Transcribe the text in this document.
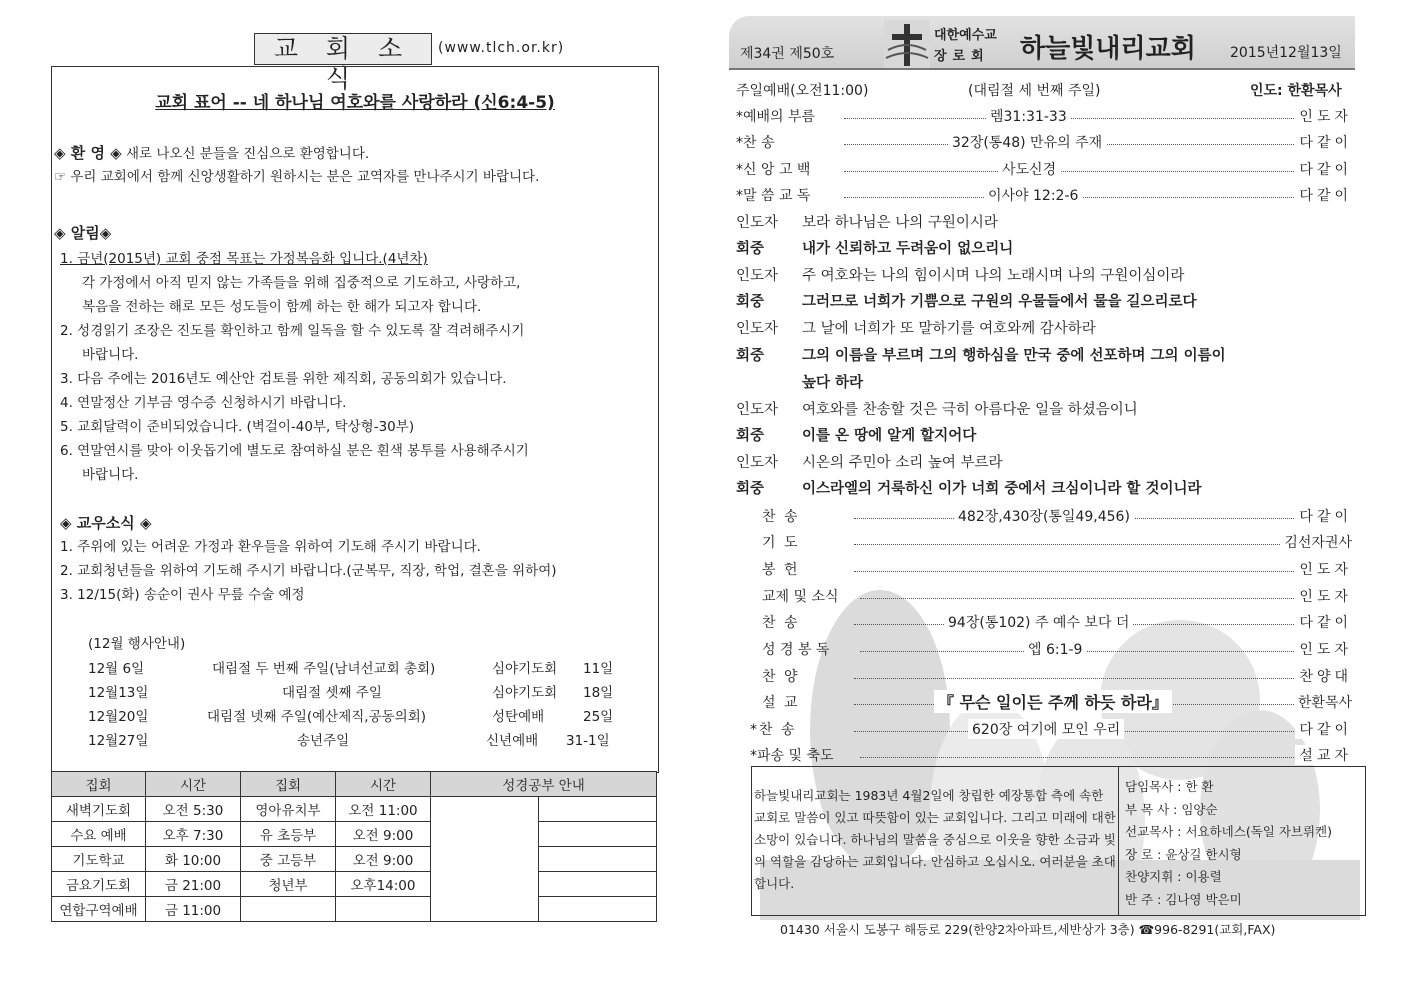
교 회 소 식
(www.tlch.or.kr)
교회 표어 -- 네 하나님 여호와를 사랑하라 (신6:4-5)
◈ 환 영 ◈ 새로 나오신 분들을 진심으로 환영합니다.
☞ 우리 교회에서 함께 신앙생활하기 원하시는 분은 교역자를 만나주시기 바랍니다.
◈ 알림◈
1. 금년(2015년) 교회 중점 목표는 가정복음화 입니다.(4년차)
각 가정에서 아직 믿지 않는 가족들을 위해 집중적으로 기도하고, 사랑하고,
복음을 전하는 해로 모든 성도들이 함께 하는 한 해가 되고자 합니다.
2. 성경읽기 조장은 진도를 확인하고 함께 일독을 할 수 있도록 잘 격려해주시기
바랍니다.
3. 다음 주에는 2016년도 예산안 검토를 위한 제직회, 공동의회가 있습니다.
4. 연말정산 기부금 영수증 신청하시기 바랍니다.
5. 교회달력이 준비되었습니다. (벽걸이-40부, 탁상형-30부)
6. 연말연시를 맞아 이웃돕기에 별도로 참여하실 분은 흰색 봉투를 사용해주시기
바랍니다.
◈ 교우소식 ◈
1. 주위에 있는 어려운 가정과 환우들을 위하여 기도해 주시기 바랍니다.
2. 교회청년들을 위하여 기도해 주시기 바랍니다.(군복무, 직장, 학업, 결혼을 위하여)
3. 12/15(화) 송순이 권사 무릎 수술 예정
(12월 행사안내)
12월 6일	대림절 두 번째 주일(남녀선교회 총회)	심야기도회 11일
12월13일	대림절 셋째 주일	심야기도회 18일
12월20일	대림절 넷째 주일(예산제직,공동의회)	성탄예배	25일
12월27일	송년주일	신년예배 31-1일
집회	시간	집회	시간	성경공부 안내	
새벽기도회	오전 5:30	영아유치부	오전 11:00		
수요 예배	오후 7:30	유 초등부	오전 9:00		
기도학교	화 10:00	중 고등부	오전 9:00		
금요기도회	금 21:00	청년부	오후14:00		
연합구역예배	금 11:00				
제34권 제50호
대한예수교
장로회 하늘빛내리교회 2015년12월13일
주일예배(오전11:00)	(대림절 세 번째 주일)	인도: 한환목사
*예배의 부름	렘31:31-33	인도자
*찬 송	32장(통48) 만유의 주재	다같이
*신 앙 고 백	사도신경	다같이
*말 씀 교 독	이사야 12:2-6	다같이
인도자 보라 하나님은 나의 구원이시라
회중	내가 신뢰하고 두려움이 없으리니
인도자 주 여호와는 나의 힘이시며 나의 노래시며 나의 구원이심이라
회중	그러므로 너희가 기쁨으로 구원의 우물들에서 물을 길으리로다
인도자 그 날에 너희가 또 말하기를 여호와께 감사하라
회중	그의 이름을 부르며 그의 행하심을 만국 중에 선포하며 그의 이름이
높다 하라
인도자 여호와를 찬송할 것은 극히 아름다운 일을 하셨음이니
회중	이를 온 땅에 알게 할지어다
인도자 시온의 주민아 소리 높여 부르라
회중	이스라엘의 거룩하신 이가 너희 중에서 크심이니라 할 것이니라
찬 송	482장,430장(통일49,456)	다같이
기 도	김선자권사
봉 헌	인도자
교제 및 소식	인도자
찬 송	94장(통102) 주 예수 보다 더	다같이
성 경 봉 독	엡 6:1-9	인도자
찬 양	찬양대
설 교	『 무슨 일이든 주께 하듯 하라』	한환목사
*찬 송	620장 여기에 모인 우리	다같이
*파송 및 축도	설교자
하늘빛내리교회는 1983년 4월2일에 창립한 예장통합 측에 속한 교회로 말씀이 있고 따뜻함이 있는 교회입니다. 그리고 미래에 대한 소망이 있습니다. 하나님의 말씀을 중심으로 이웃을 향한 소금과 빛의 역할을 감당하는 교회입니다. 안심하고 오십시오. 여러분을 초대합니다.
담임목사 : 한 환
부 목 사 : 임양순
선교목사 : 서요하네스(독일 자브뤼켄)
장 로 : 윤상길 한시형
찬양지휘 : 이용렬
반 주 : 김나영 박은미
01430 서울시 도봉구 해등로 229(한양2차아파트,세반상가 3층) ☎996-8291(교회,FAX)
